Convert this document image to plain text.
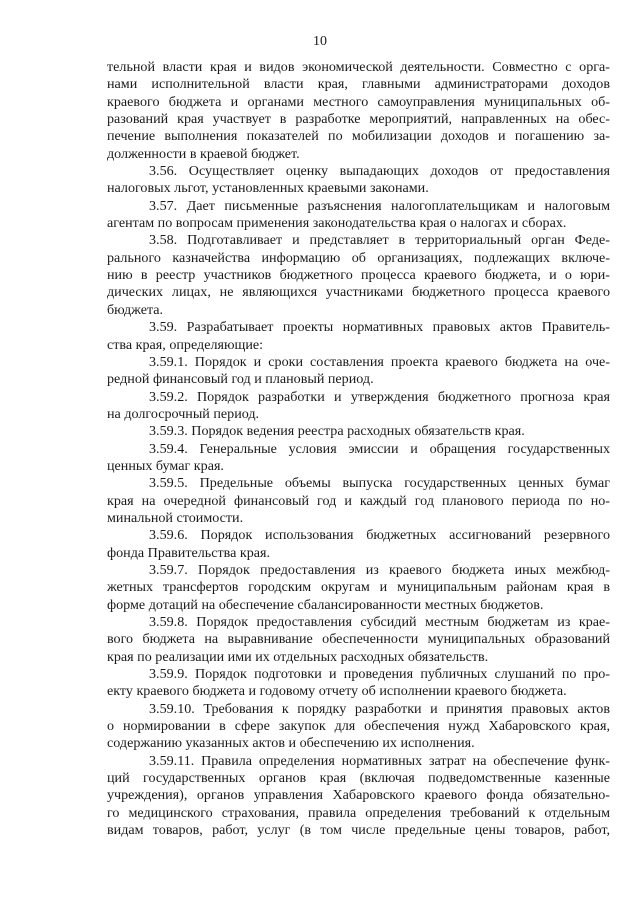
10
тельной власти края и видов экономической деятельности. Совместно с орга-
нами исполнительной власти края, главными администраторами доходов
краевого бюджета и органами местного самоуправления муниципальных об-
разований края участвует в разработке мероприятий, направленных на обес-
печение выполнения показателей по мобилизации доходов и погашению за-
долженности в краевой бюджет.
3.56. Осуществляет оценку выпадающих доходов от предоставления
налоговых льгот, установленных краевыми законами.
3.57. Дает письменные разъяснения налогоплательщикам и налоговым
агентам по вопросам применения законодательства края о налогах и сборах.
3.58. Подготавливает и представляет в территориальный орган Феде-
рального казначейства информацию об организациях, подлежащих включе-
нию в реестр участников бюджетного процесса краевого бюджета, и о юри-
дических лицах, не являющихся участниками бюджетного процесса краевого
бюджета.
3.59. Разрабатывает проекты нормативных правовых актов Правитель-
ства края, определяющие:
3.59.1. Порядок и сроки составления проекта краевого бюджета на оче-
редной финансовый год и плановый период.
3.59.2. Порядок разработки и утверждения бюджетного прогноза края
на долгосрочный период.
3.59.3. Порядок ведения реестра расходных обязательств края.
3.59.4. Генеральные условия эмиссии и обращения государственных
ценных бумаг края.
3.59.5. Предельные объемы выпуска государственных ценных бумаг
края на очередной финансовый год и каждый год планового периода по но-
минальной стоимости.
3.59.6. Порядок использования бюджетных ассигнований резервного
фонда Правительства края.
3.59.7. Порядок предоставления из краевого бюджета иных межбюд-
жетных трансфертов городским округам и муниципальным районам края в
форме дотаций на обеспечение сбалансированности местных бюджетов.
3.59.8. Порядок предоставления субсидий местным бюджетам из крае-
вого бюджета на выравнивание обеспеченности муниципальных образований
края по реализации ими их отдельных расходных обязательств.
3.59.9. Порядок подготовки и проведения публичных слушаний по про-
екту краевого бюджета и годовому отчету об исполнении краевого бюджета.
3.59.10. Требования к порядку разработки и принятия правовых актов
о нормировании в сфере закупок для обеспечения нужд Хабаровского края,
содержанию указанных актов и обеспечению их исполнения.
3.59.11. Правила определения нормативных затрат на обеспечение функ-
ций государственных органов края (включая подведомственные казенные
учреждения), органов управления Хабаровского краевого фонда обязательно-
го медицинского страхования, правила определения требований к отдельным
видам товаров, работ, услуг (в том числе предельные цены товаров, работ,
